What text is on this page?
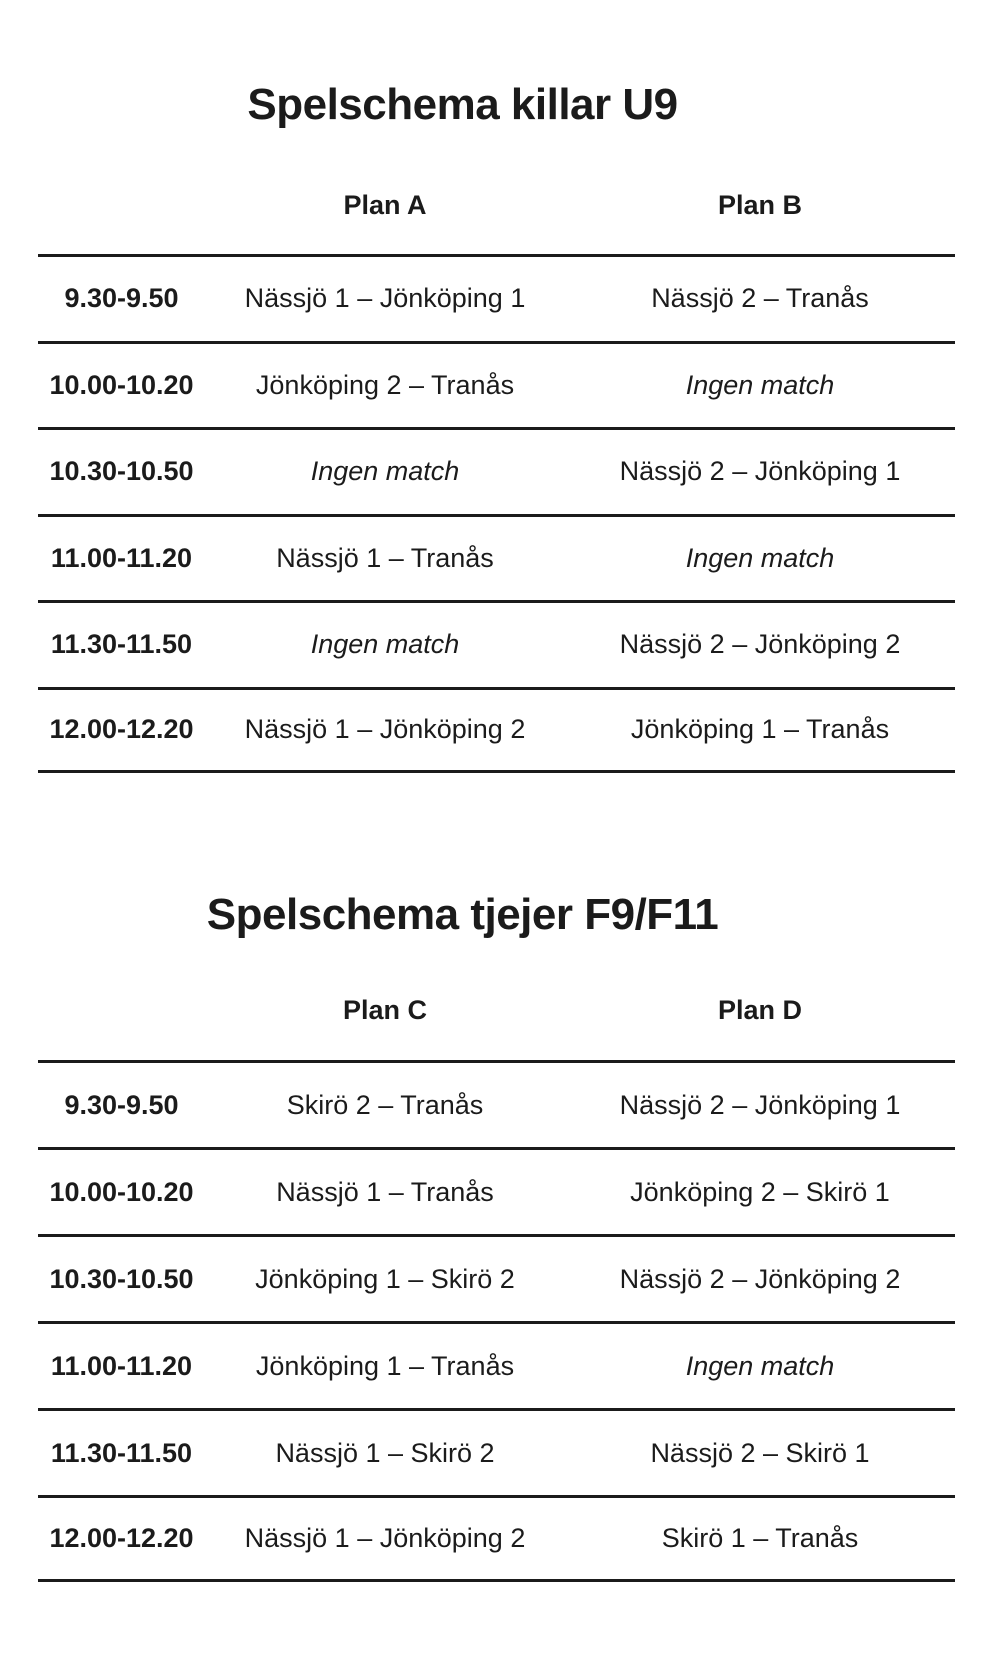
Spelschema killar U9
Plan A	Plan B
9.30-9.50	Nässjö 1 – Jönköping 1	Nässjö 2 – Tranås
10.00-10.20	Jönköping 2 – Tranås	Ingen match
10.30-10.50	Ingen match	Nässjö 2 – Jönköping 1
11.00-11.20	Nässjö 1 – Tranås	Ingen match
11.30-11.50	Ingen match	Nässjö 2 – Jönköping 2
12.00-12.20	Nässjö 1 – Jönköping 2	Jönköping 1 – Tranås
Spelschema tjejer F9/F11
Plan C	Plan D
9.30-9.50	Skirö 2 – Tranås	Nässjö 2 – Jönköping 1
10.00-10.20	Nässjö 1 – Tranås	Jönköping 2 – Skirö 1
10.30-10.50	Jönköping 1 – Skirö 2	Nässjö 2 – Jönköping 2
11.00-11.20	Jönköping 1 – Tranås	Ingen match
11.30-11.50	Nässjö 1 – Skirö 2	Nässjö 2 – Skirö 1
12.00-12.20	Nässjö 1 – Jönköping 2	Skirö 1 – Tranås
